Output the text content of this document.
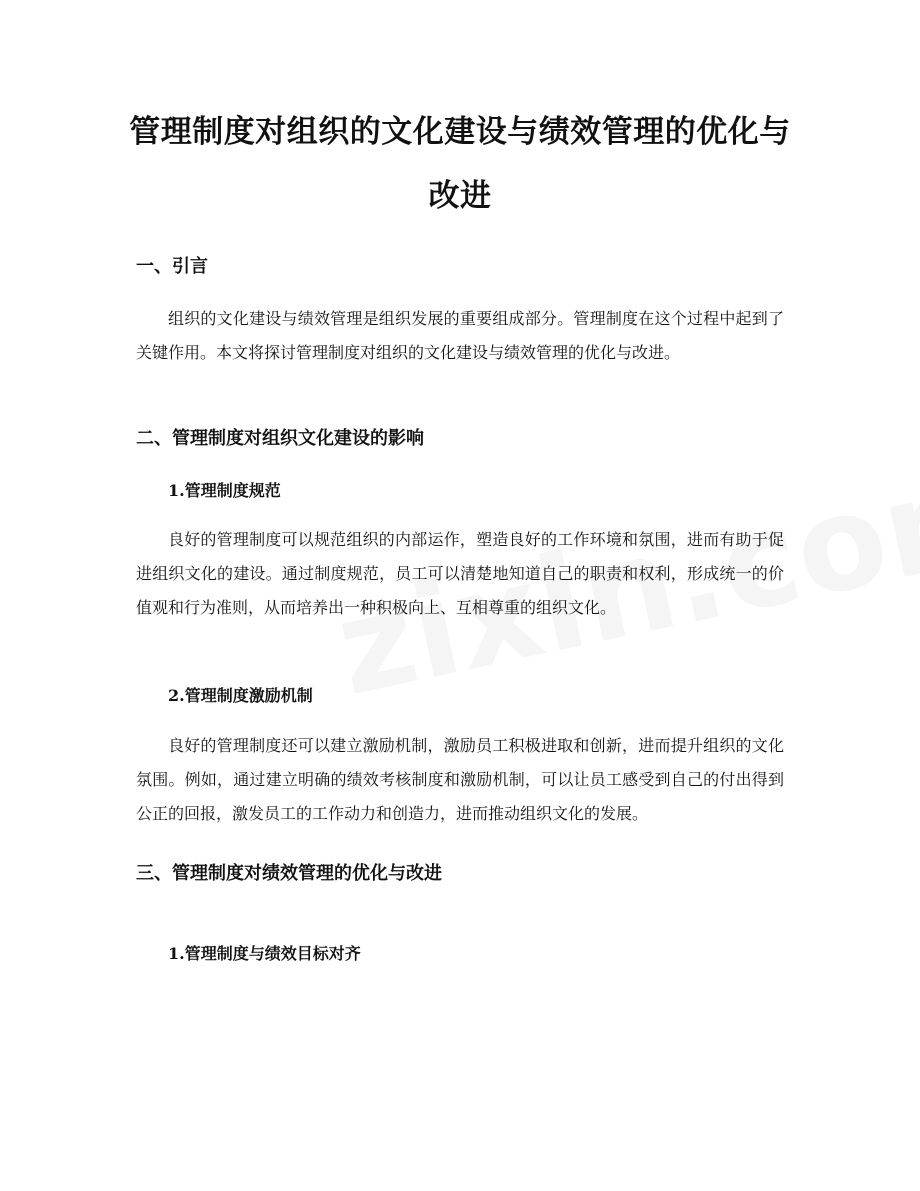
管理制度对组织的文化建设与绩效管理的优化与改进
一、引言

组织的文化建设与绩效管理是组织发展的重要组成部分。管理制度在这个过程中起到了关键作用。本文将探讨管理制度对组织的文化建设与绩效管理的优化与改进。

二、管理制度对组织文化建设的影响
1.管理制度规范

良好的管理制度可以规范组织的内部运作，塑造良好的工作环境和氛围，进而有助于促进组织文化的建设。通过制度规范，员工可以清楚地知道自己的职责和权利，形成统一的价值观和行为准则，从而培养出一种积极向上、互相尊重的组织文化。

2.管理制度激励机制

良好的管理制度还可以建立激励机制，激励员工积极进取和创新，进而提升组织的文化氛围。例如，通过建立明确的绩效考核制度和激励机制，可以让员工感受到自己的付出得到公正的回报，激发员工的工作动力和创造力，进而推动组织文化的发展。

三、管理制度对绩效管理的优化与改进
1.管理制度与绩效目标对齐
